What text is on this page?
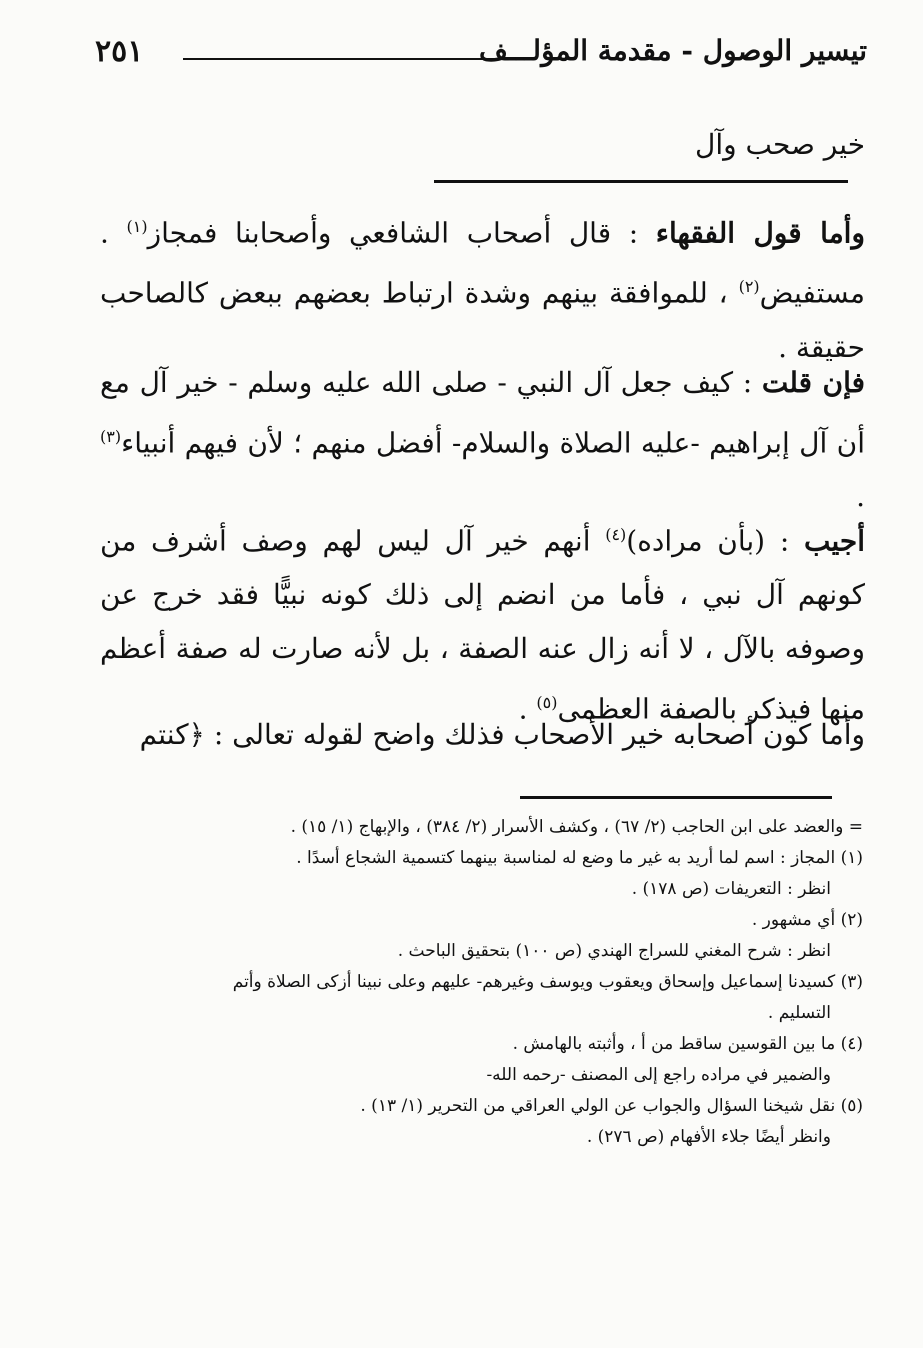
٢٥١	تيسير الوصول - مقدمة المؤلـــف
خير صحب وآل
وأما قول الفقهاء : قال أصحاب الشافعي وأصحابنا فمجاز$^{(١)}$ . مستفيض$^{(٢)}$ ، للموافقة بينهم وشدة ارتباط بعضهم ببعض كالصاحب حقيقة .
فإن قلت : كيف جعل آل النبي - صلى الله عليه وسلم - خير آل مع أن آل إبراهيم -عليه الصلاة والسلام- أفضل منهم ؛ لأن فيهم أنبياء$^{(٣)}$ .
أجيب : (بأن مراده)$^{(٤)}$ أنهم خير آل ليس لهم وصف أشرف من كونهم آل نبي ، فأما من انضم إلى ذلك كونه نبيًّا فقد خرج عن وصوفه بالآل ، لا أنه زال عنه الصفة ، بل لأنه صارت له صفة أعظم منها فيذكر بالصفة العظمى$^{(٥)}$ .
وأما كون أصحابه خير الأصحاب فذلك واضح لقوله تعالى : ﴿كنتم
= والعضد على ابن الحاجب (٢/ ٦٧) ، وكشف الأسرار (٢/ ٣٨٤) ، والإبهاج (١/ ١٥) .
(١) المجاز : اسم لما أريد به غير ما وضع له لمناسبة بينهما كتسمية الشجاع أسدًا .
انظر : التعريفات (ص ١٧٨) .
(٢) أي مشهور .
انظر : شرح المغني للسراج الهندي (ص ١٠٠) بتحقيق الباحث .
(٣) كسيدنا إسماعيل وإسحاق ويعقوب ويوسف وغيرهم- عليهم وعلى نبينا أزكى الصلاة وأتم
التسليم .
(٤) ما بين القوسين ساقط من أ ، وأثبته بالهامش .
والضمير في مراده راجع إلى المصنف -رحمه الله-
(٥) نقل شيخنا السؤال والجواب عن الولي العراقي من التحرير (١/ ١٣) .
وانظر أيضًا جلاء الأفهام (ص ٢٧٦) .
